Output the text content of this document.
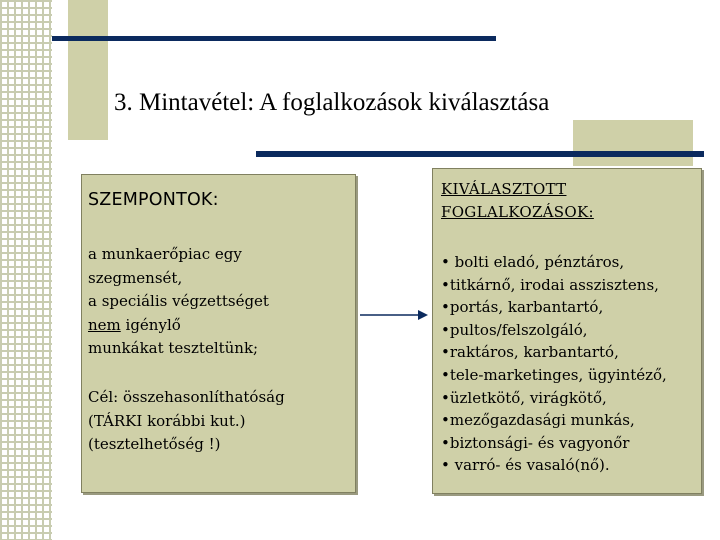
3. Mintavétel: A foglalkozások kiválasztása
SZEMPONTOK:
a munkaerőpiac egy
szegmensét,
a speciális végzettséget
nem igénylő
munkákat teszteltünk;
Cél: összehasonlíthatóság
(TÁRKI korábbi kut.)
(tesztelhetőség !)
KIVÁLASZTOTT
FOGLALKOZÁSOK:
• bolti eladó, pénztáros,
•titkárnő, irodai asszisztens,
•portás, karbantartó,
•pultos/felszolgáló,
•raktáros, karbantartó,
•tele-marketinges, ügyintéző,
•üzletkötő, virágkötő,
•mezőgazdasági munkás,
•biztonsági- és vagyonőr
• varró- és vasaló(nő).
